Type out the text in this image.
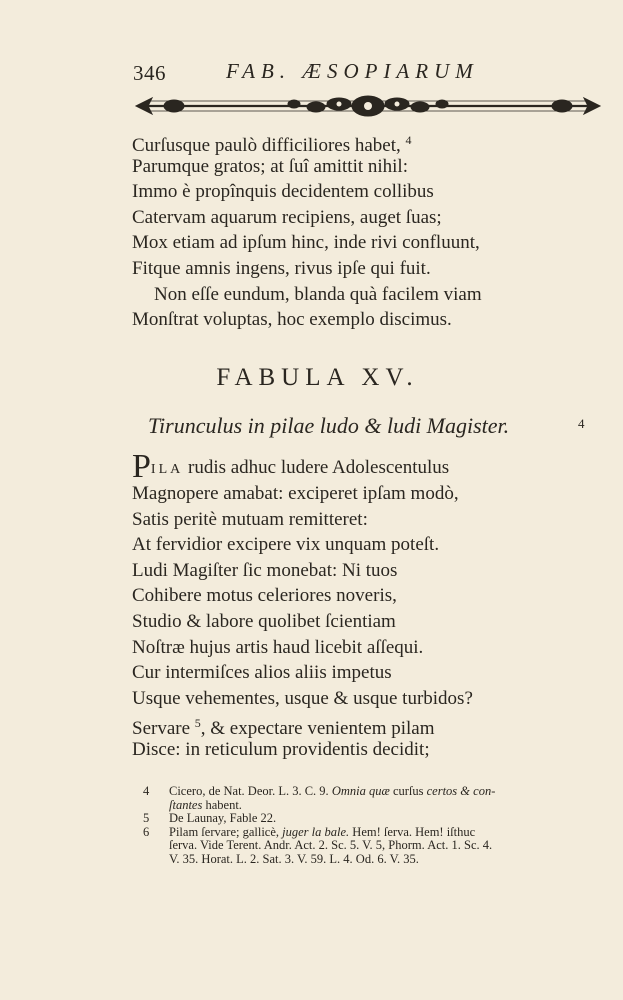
346	FAB. ÆSOPIARUM
Curſusque paulò difficiliores habet, $^4$
Parumque gratos; at ſuî amittit nihil:
Immo è propînquis decidentem collibus
Catervam aquarum recipiens, auget ſuas;
Mox etiam ad ipſum hinc, inde rivi confluunt,
Fitque amnis ingens, rivus ipſe qui fuit.
Non eſſe eundum, blanda quà facilem viam
Monſtrat voluptas, hoc exemplo discimus.
FABULA XV.
Tirunculus in pilae ludo & ludi Magister.	4
PILA rudis adhuc ludere Adolescentulus
Magnopere amabat: exciperet ipſam modò,
Satis peritè mutuam remitteret:
At fervidior excipere vix unquam poteſt.
Ludi Magiſter ſic monebat: Ni tuos
Cohibere motus celeriores noveris,
Studio & labore quolibet ſcientiam
Noſtræ hujus artis haud licebit aſſequi.
Cur intermiſces alios aliis impetus
Usque vehementes, usque & usque turbidos?
Servare $^5$, & expectare venientem pilam
Disce: in reticulum providentis decidit;
4 Cicero, de Nat. Deor. L. 3. C. 9. Omnia quæ curſus certos & con-
ſtantes habent.
5 De Launay, Fable 22.
6 Pilam ſervare; gallicè, juger la bale. Hem! ſerva. Hem! iſthuc
ſerva. Vide Terent. Andr. Act. 2. Sc. 5. V. 5, Phorm. Act. 1. Sc. 4.
V. 35. Horat. L. 2. Sat. 3. V. 59. L. 4. Od. 6. V. 35.
